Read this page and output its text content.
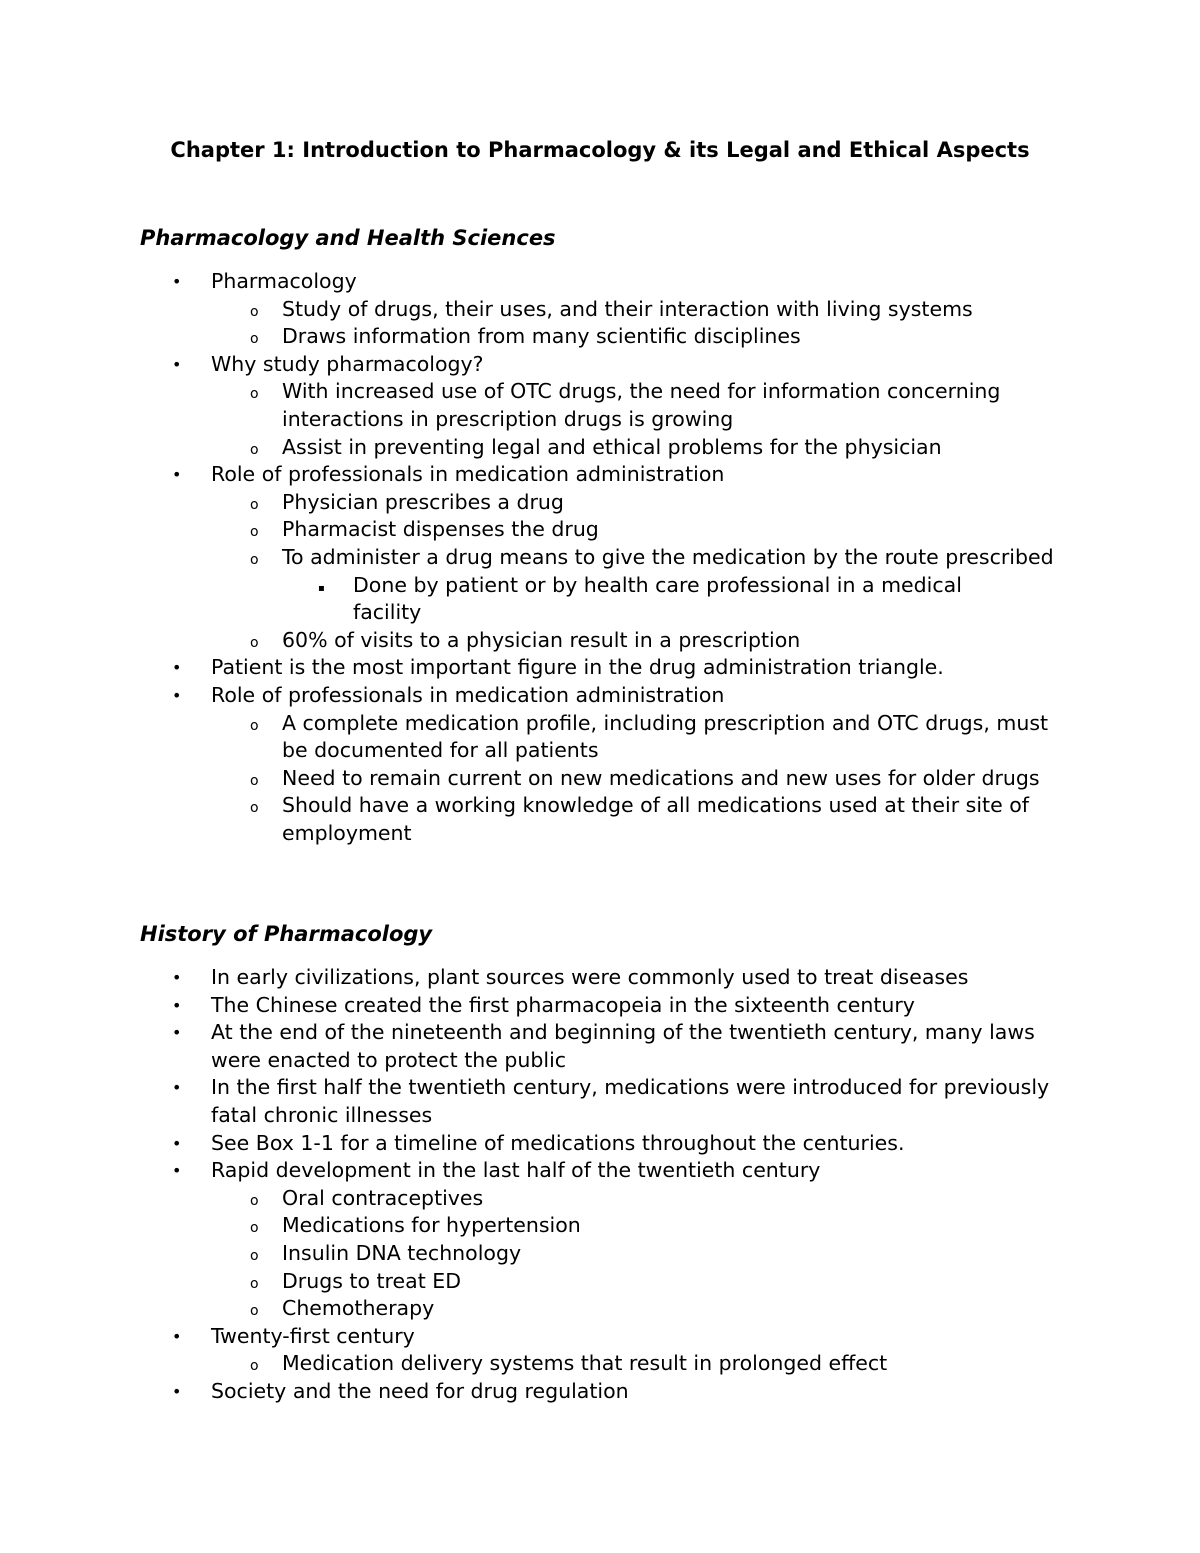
Chapter 1: Introduction to Pharmacology & its Legal and Ethical Aspects
Pharmacology and Health Sciences
• Pharmacology
o Study of drugs, their uses, and their interaction with living systems
o Draws information from many scientific disciplines
• Why study pharmacology?
o With increased use of OTC drugs, the need for information concerning interactions in prescription drugs is growing
o Assist in preventing legal and ethical problems for the physician
• Role of professionals in medication administration
o Physician prescribes a drug
o Pharmacist dispenses the drug
o To administer a drug means to give the medication by the route prescribed
▪ Done by patient or by health care professional in a medical facility
o 60% of visits to a physician result in a prescription
• Patient is the most important figure in the drug administration triangle.
• Role of professionals in medication administration
o A complete medication profile, including prescription and OTC drugs, must be documented for all patients
o Need to remain current on new medications and new uses for older drugs
o Should have a working knowledge of all medications used at their site of employment
History of Pharmacology
• In early civilizations, plant sources were commonly used to treat diseases
• The Chinese created the first pharmacopeia in the sixteenth century
• At the end of the nineteenth and beginning of the twentieth century, many laws were enacted to protect the public
• In the first half the twentieth century, medications were introduced for previously fatal chronic illnesses
• See Box 1-1 for a timeline of medications throughout the centuries.
• Rapid development in the last half of the twentieth century
o Oral contraceptives
o Medications for hypertension
o Insulin DNA technology
o Drugs to treat ED
o Chemotherapy
• Twenty-first century
o Medication delivery systems that result in prolonged effect
• Society and the need for drug regulation
